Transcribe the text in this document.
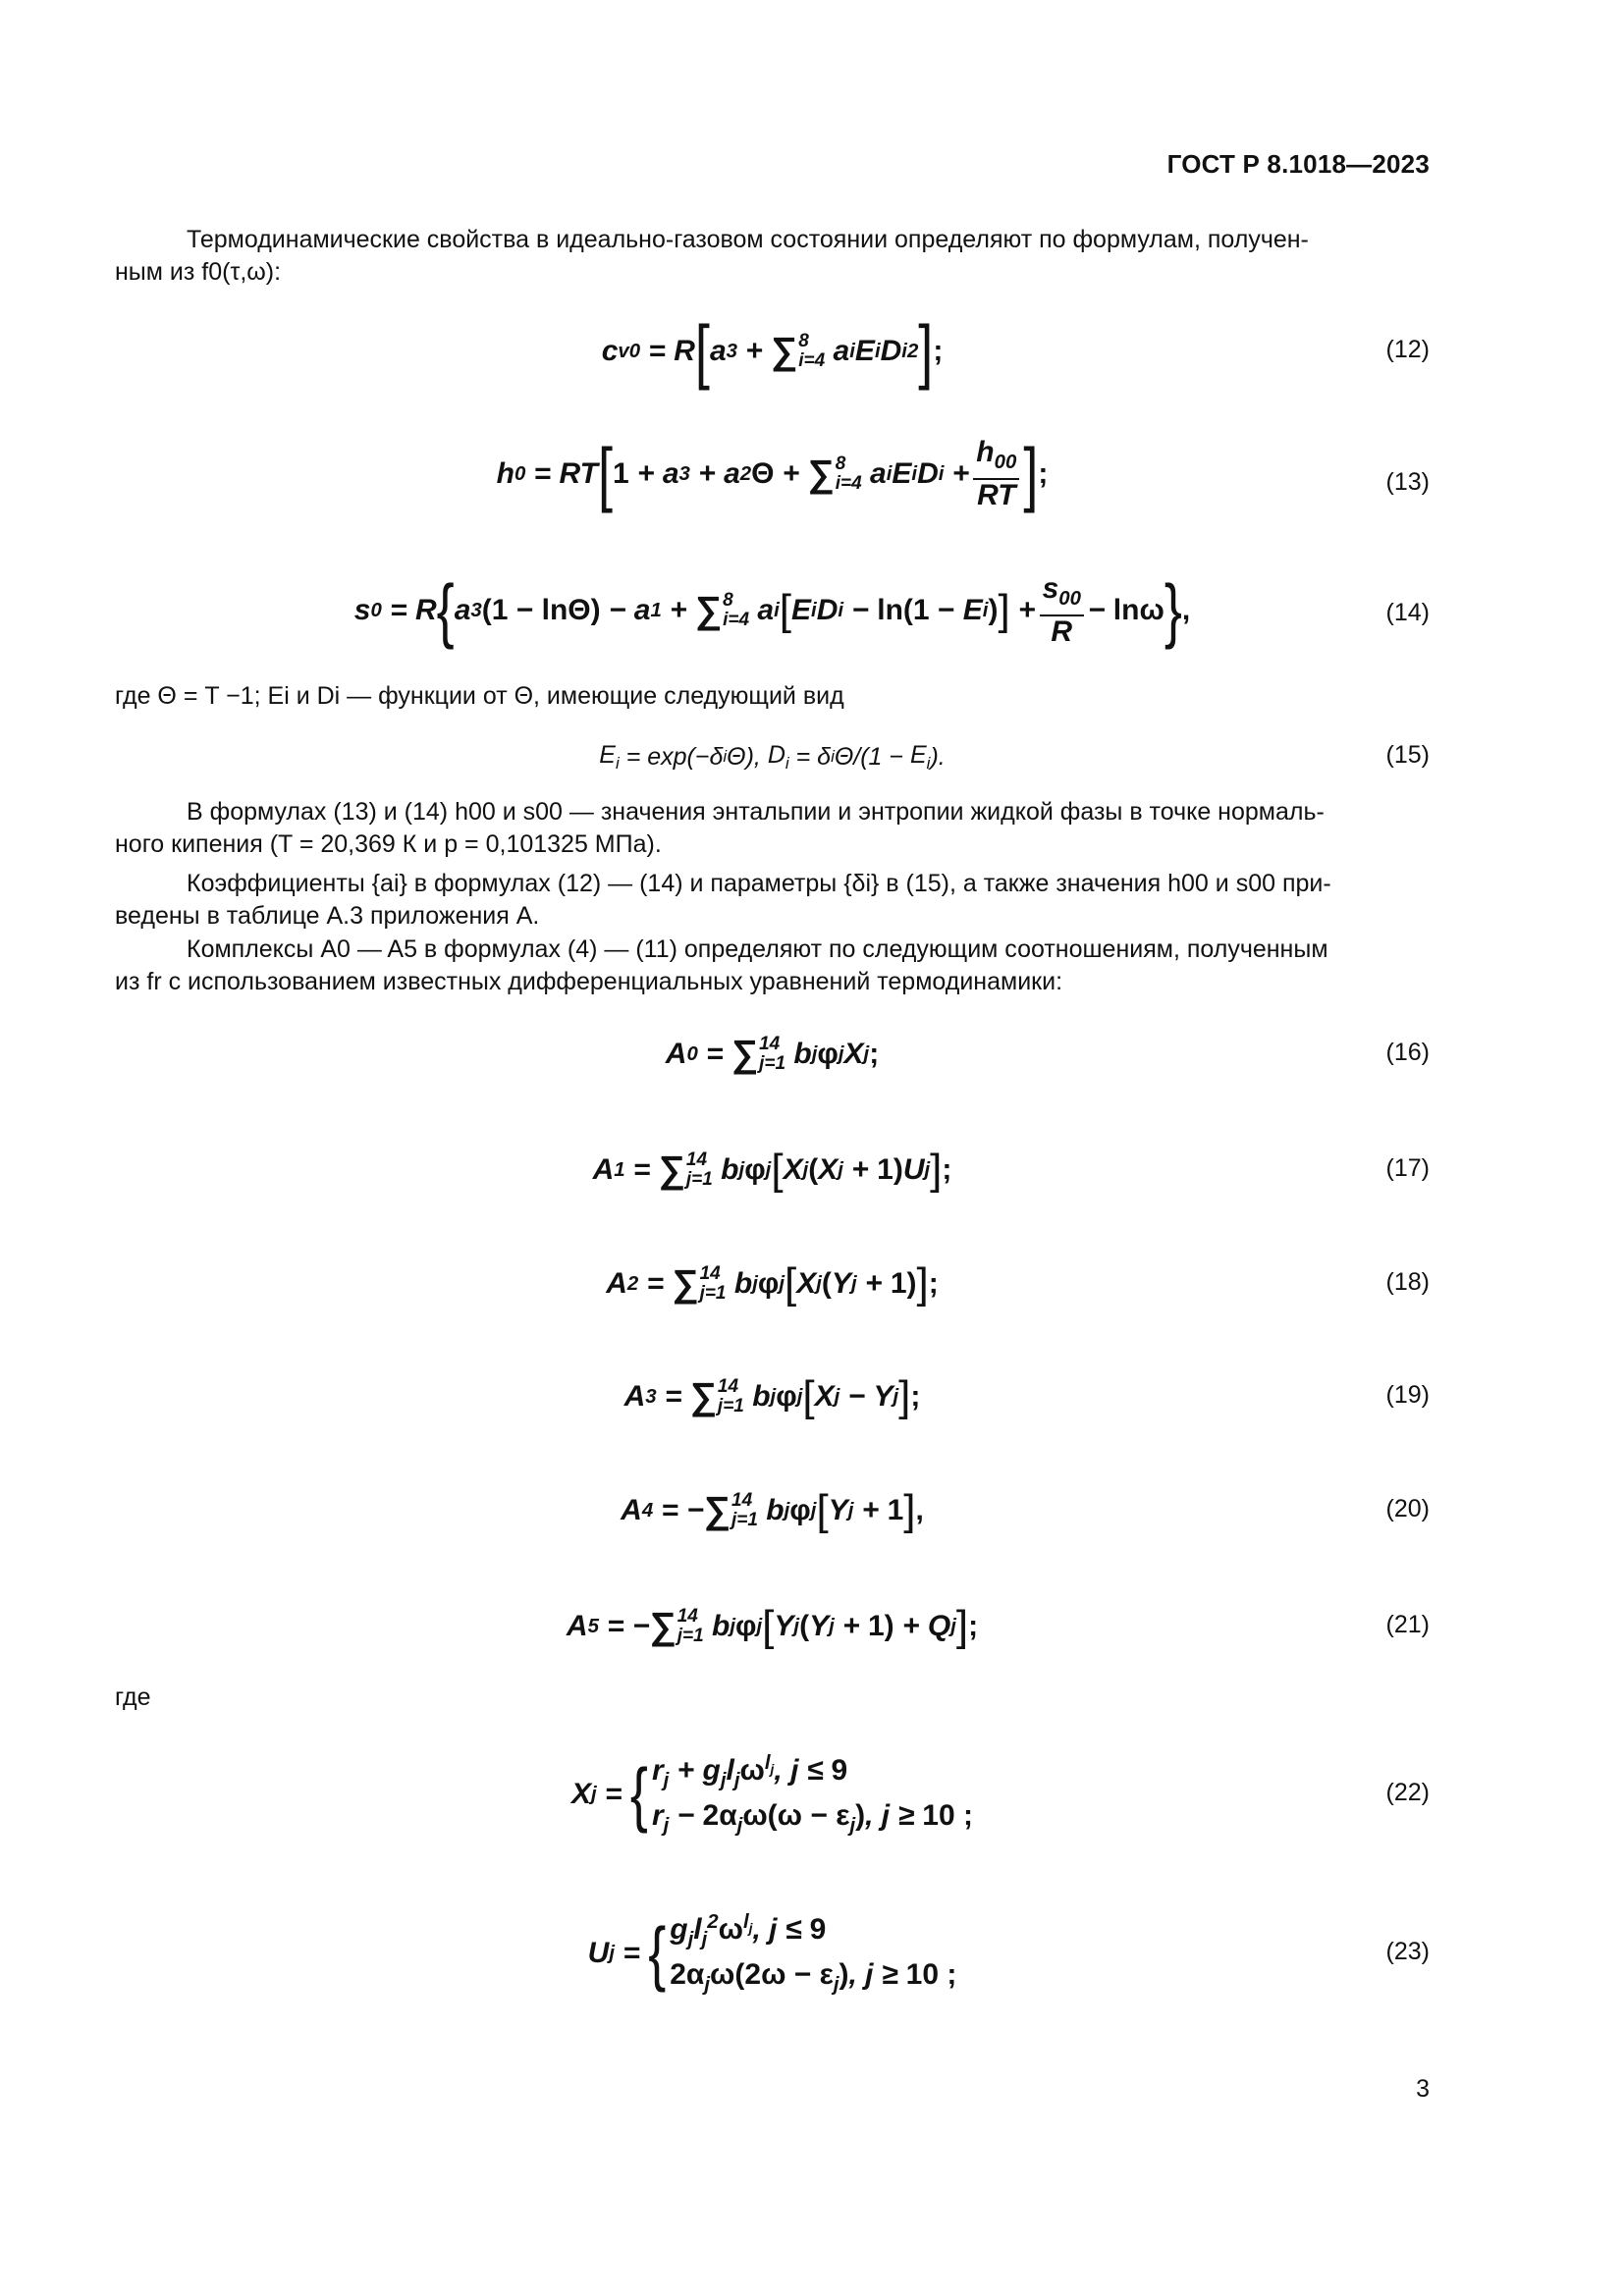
ГОСТ Р 8.1018—2023
Термодинамические свойства в идеально-газовом состоянии определяют по формулам, получен-
ным из f0(τ,ω):
c v0 = R [ a 3 + ∑ 8
i=4 a i E i D i 2 ] ;	(12)
h 0 = RT [ 1 + a 3 + a 2 Θ + ∑ 8
i=4 a i E i D $i + \frac{h_{00}}{RT}$ ] ;	(13)
s 0 = R { a 3 (1 − lnΘ) − a 1 + ∑ 8
i=4 a i [ E i D i − ln(1 − E i ) ] + $\frac{s_{00}}{R} - \ln\omega$ } ,	(14)
где Θ = T −1; Ei и Di — функции от Θ, имеющие следующий вид
$E_i = \exp(-\delta$ i Θ), $D_i = \delta$ i $\Theta/(1 - E_i$ ).	(15)
В формулах (13) и (14) h00 и s00 — значения энтальпии и энтропии жидкой фазы в точке нормаль-
ного кипения (T = 20,369 К и p = 0,101325 МПа).
Коэффициенты {ai} в формулах (12) — (14) и параметры {δi} в (15), а также значения h00 и s00 при-
ведены в таблице А.3 приложения А.
Комплексы A0 — A5 в формулах (4) — (11) определяют по следующим соотношениям, полученным
из fr с использованием известных дифференциальных уравнений термодинамики:
A 0 = ∑ 14
j=1 b j φ j X j ;	(16)
A 1 = ∑ 14
j=1 b j φ j [ X j ( X j + 1) U j ] ;	(17)
A 2 = ∑ 14
j=1 b j φ j [ X j ( Y j + 1) ] ;	(18)
A 3 = ∑ 14
j=1 b j φ j [ X j − Y j ] ;	(19)
A 4 = − ∑ 14
j=1 b j φ j [ Y j + 1 ] ,	(20)
A 5 = − ∑ 14
j=1 b j φ j [ Y j ( Y j + 1) + Q j ] ;	(21)
где
X j = { $r_j + g_jl_j\omega^{l_j}$, j ≤ 9
$r_j - 2\alpha_j\omega(\omega - \varepsilon_j)$, j ≥ 10 ;
(22)
U j = { $g_jl_j^2\omega^{l_j}$, j ≤ 9
$2\alpha_j\omega(2\omega - \varepsilon_j)$, j ≥ 10 ;
(23)
3
